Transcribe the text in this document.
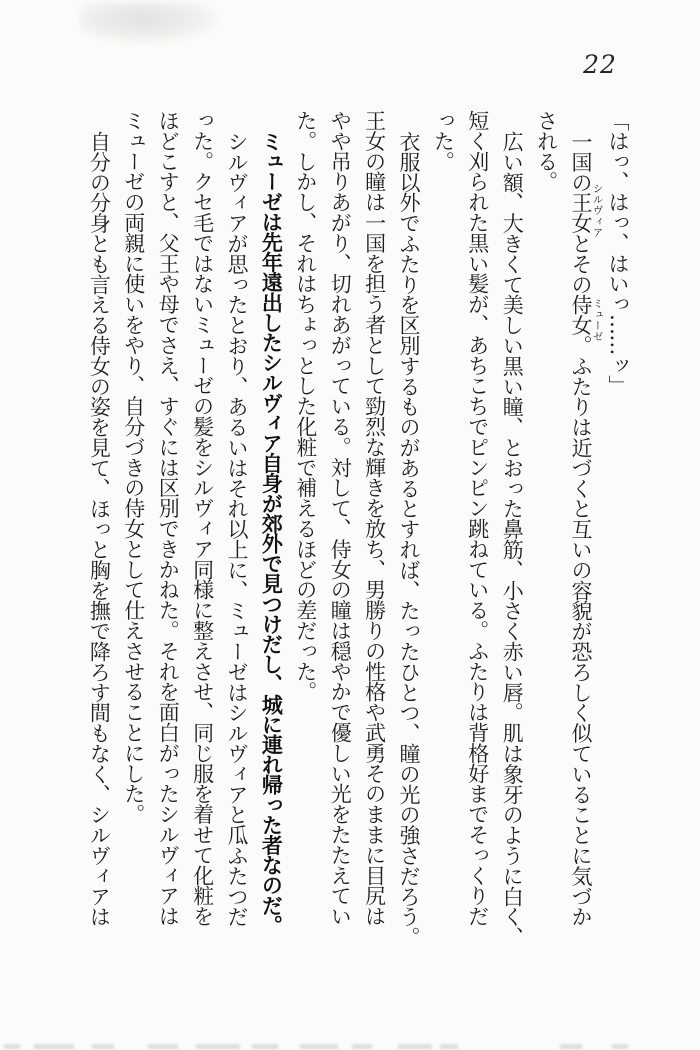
22
「はっ、はっ、はいっ……ッ」
一国の王女とその侍女。ふたりは近づくと互いの容貌が恐ろしく似ていることに気づか
される。
広い額、大きくて美しい黒い瞳、とおった鼻筋、小さく赤い唇。肌は象牙のように白く、
短く刈られた黒い髪が、あちこちでピンピン跳ねている。ふたりは背格好までそっくりだ
った。
衣服以外でふたりを区別するものがあるとすれば、たったひとつ、瞳の光の強さだろう。
王女の瞳は一国を担う者として勁烈な輝きを放ち、男勝りの性格や武勇そのままに目尻は
やや吊りあがり、切れあがっている。対して、侍女の瞳は穏やかで優しい光をたたえてい
た。しかし、それはちょっとした化粧で補えるほどの差だった。
ミューゼは先年遠出したシルヴィア自身が郊外で見つけだし、城に連れ帰った者なのだ。
シルヴィアが思ったとおり、あるいはそれ以上に、ミューゼはシルヴィアと瓜ふたつだ
った。クセ毛ではないミューゼの髪をシルヴィア同様に整えさせ、同じ服を着せて化粧を
ほどこすと、父王や母でさえ、すぐには区別できかねた。それを面白がったシルヴィアは
ミューゼの両親に使いをやり、自分づきの侍女として仕えさせることにした。
自分の分身とも言える侍女の姿を見て、ほっと胸を撫で降ろす間もなく、シルヴィアは	シルヴィア
ミューゼ
